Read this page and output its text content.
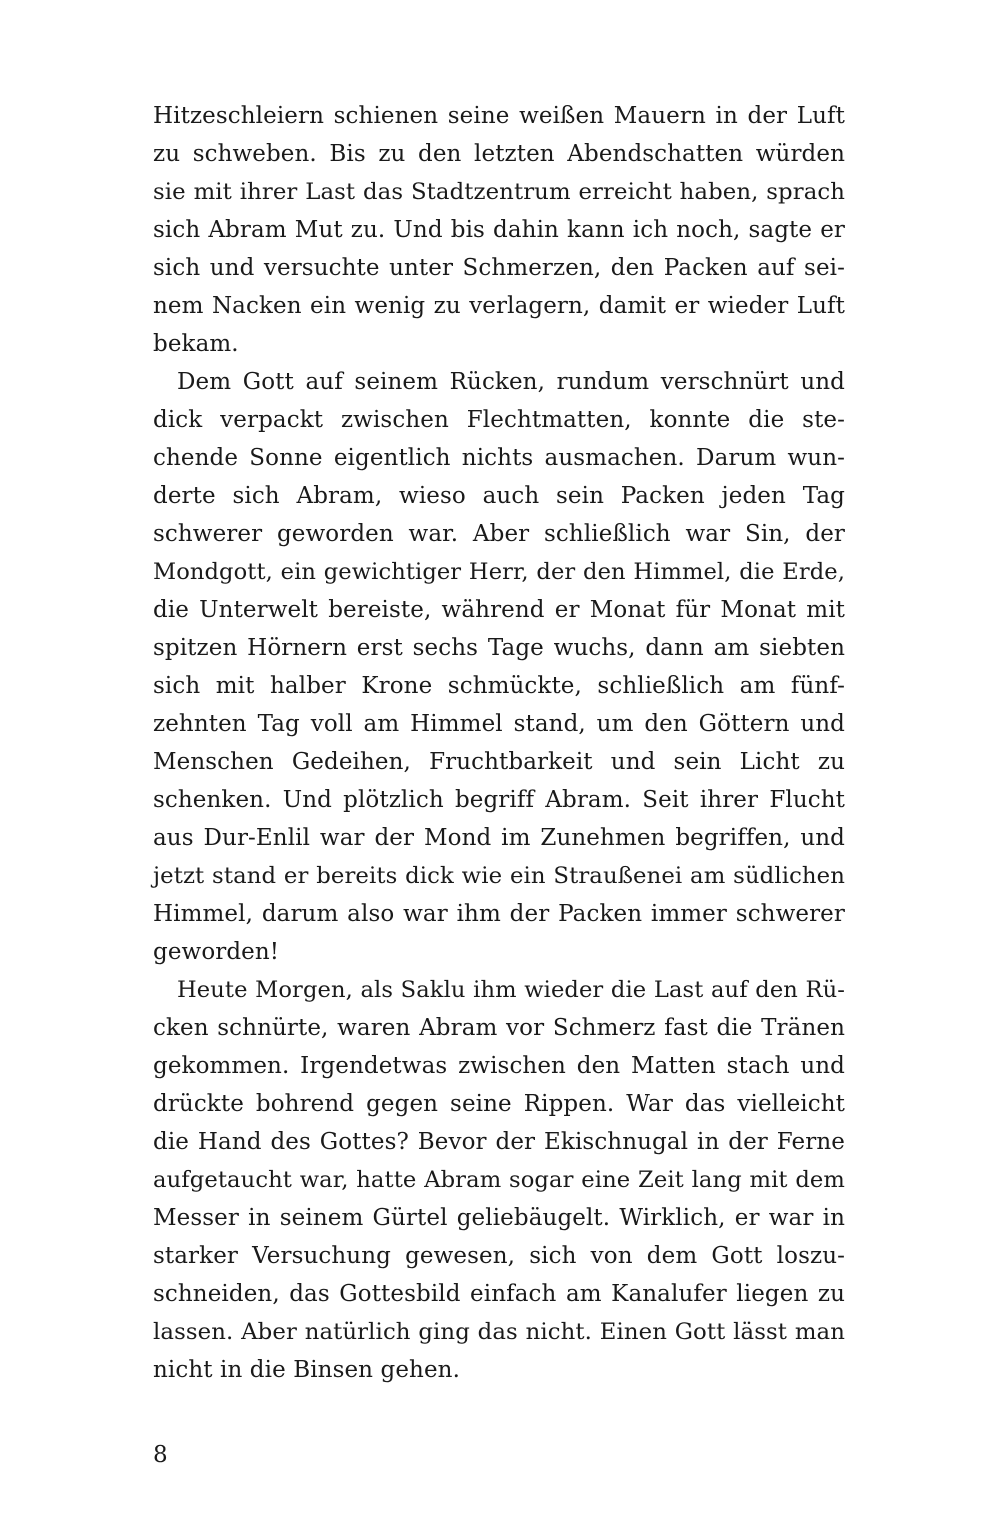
Hitzeschleiern schienen seine weißen Mauern in der Luft
zu schweben. Bis zu den letzten Abendschatten würden
sie mit ihrer Last das Stadtzentrum erreicht haben, sprach
sich Abram Mut zu. Und bis dahin kann ich noch, sagte er
sich und versuchte unter Schmerzen, den Packen auf sei-
nem Nacken ein wenig zu verlagern, damit er wieder Luft
bekam.
Dem Gott auf seinem Rücken, rundum verschnürt und
dick verpackt zwischen Flechtmatten, konnte die ste-
chende Sonne eigentlich nichts ausmachen. Darum wun-
derte sich Abram, wieso auch sein Packen jeden Tag
schwerer geworden war. Aber schließlich war Sin, der
Mondgott, ein gewichtiger Herr, der den Himmel, die Erde,
die Unterwelt bereiste, während er Monat für Monat mit
spitzen Hörnern erst sechs Tage wuchs, dann am siebten
sich mit halber Krone schmückte, schließlich am fünf-
zehnten Tag voll am Himmel stand, um den Göttern und
Menschen Gedeihen, Fruchtbarkeit und sein Licht zu
schenken. Und plötzlich begriff Abram. Seit ihrer Flucht
aus Dur-Enlil war der Mond im Zunehmen begriffen, und
jetzt stand er bereits dick wie ein Straußenei am südlichen
Himmel, darum also war ihm der Packen immer schwerer
geworden!
Heute Morgen, als Saklu ihm wieder die Last auf den Rü-
cken schnürte, waren Abram vor Schmerz fast die Tränen
gekommen. Irgendetwas zwischen den Matten stach und
drückte bohrend gegen seine Rippen. War das vielleicht
die Hand des Gottes? Bevor der Ekischnugal in der Ferne
aufgetaucht war, hatte Abram sogar eine Zeit lang mit dem
Messer in seinem Gürtel geliebäugelt. Wirklich, er war in
starker Versuchung gewesen, sich von dem Gott loszu-
schneiden, das Gottesbild einfach am Kanalufer liegen zu
lassen. Aber natürlich ging das nicht. Einen Gott lässt man
nicht in die Binsen gehen.
8
